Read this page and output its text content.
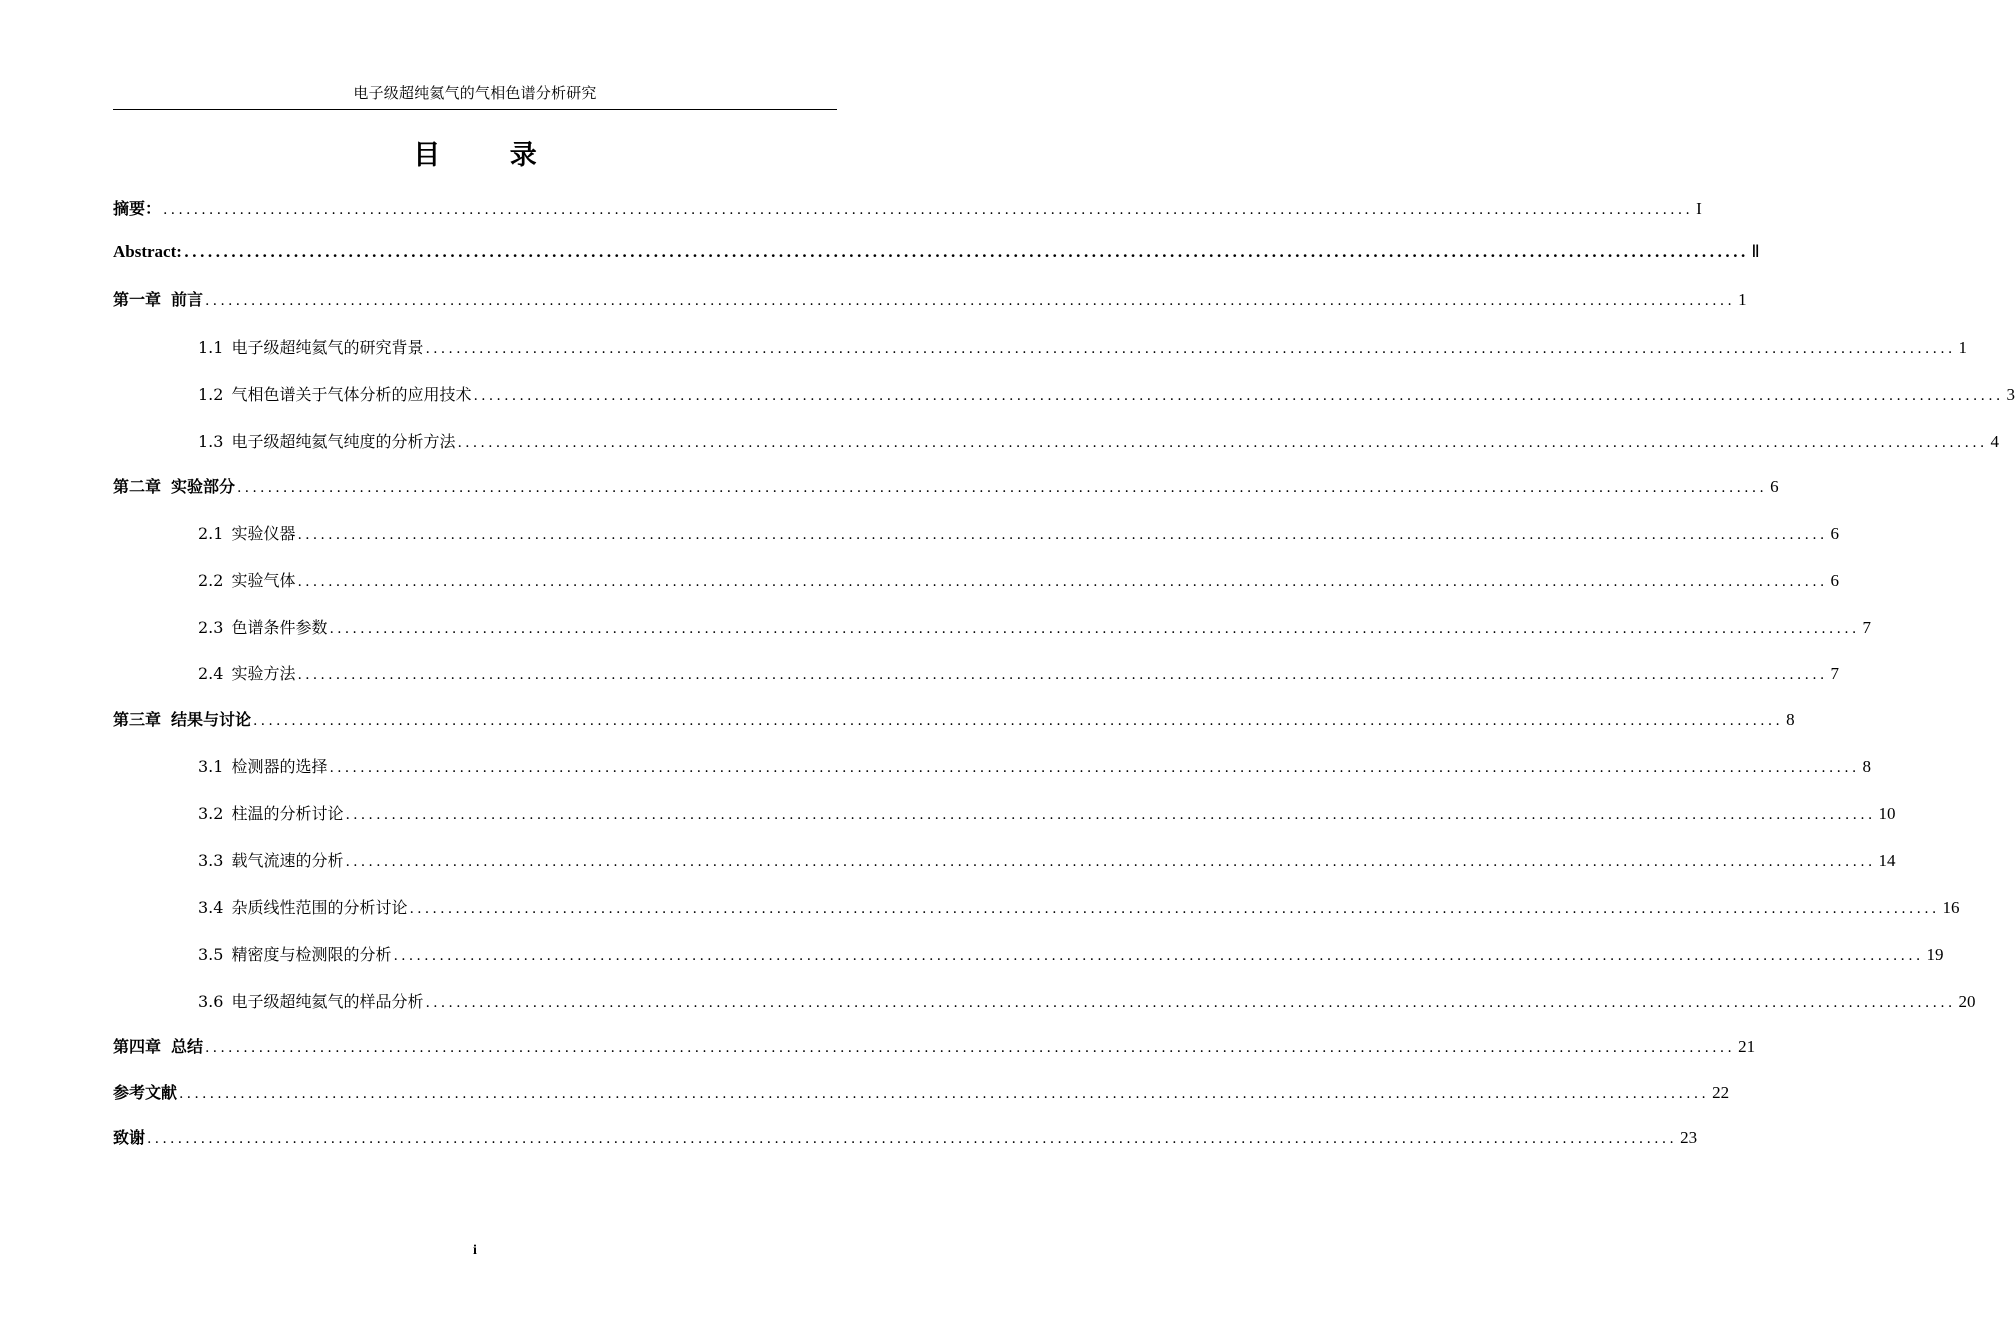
电子级超纯氦气的气相色谱分析研究
目 录
摘要： ........................................................................................................................................................................................................ I
Abstract: ........................................................................................................................................................................................................ Ⅱ
第一章 前言 ........................................................................................................................................................................................................ 1
1.1 电子级超纯氦气的研究背景 ........................................................................................................................................................................................................ 1
1.2 气相色谱关于气体分析的应用技术 ........................................................................................................................................................................................................ 3
1.3 电子级超纯氦气纯度的分析方法 ........................................................................................................................................................................................................ 4
第二章 实验部分 ........................................................................................................................................................................................................ 6
2.1 实验仪器 ........................................................................................................................................................................................................ 6
2.2 实验气体 ........................................................................................................................................................................................................ 6
2.3 色谱条件参数 ........................................................................................................................................................................................................ 7
2.4 实验方法 ........................................................................................................................................................................................................ 7
第三章 结果与讨论 ........................................................................................................................................................................................................ 8
3.1 检测器的选择 ........................................................................................................................................................................................................ 8
3.2 柱温的分析讨论 ........................................................................................................................................................................................................ 10
3.3 载气流速的分析 ........................................................................................................................................................................................................ 14
3.4 杂质线性范围的分析讨论 ........................................................................................................................................................................................................ 16
3.5 精密度与检测限的分析 ........................................................................................................................................................................................................ 19
3.6 电子级超纯氦气的样品分析 ........................................................................................................................................................................................................ 20
第四章 总结 ........................................................................................................................................................................................................ 21
参考文献 ........................................................................................................................................................................................................ 22
致谢 ........................................................................................................................................................................................................ 23
i
